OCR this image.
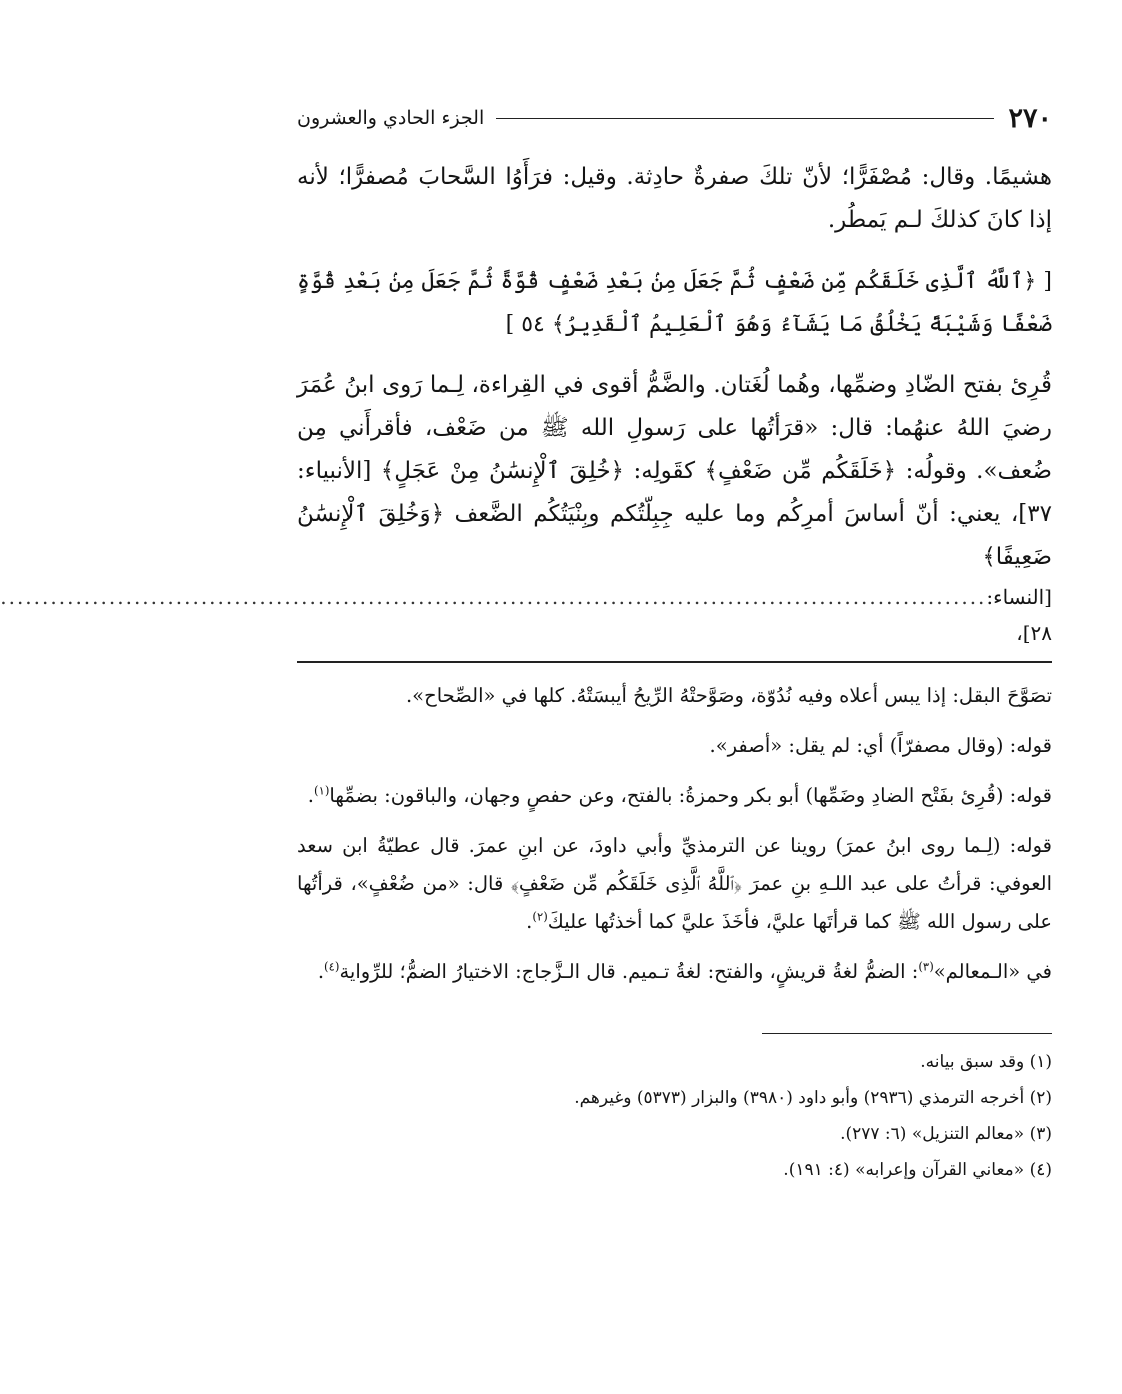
٢٧٠
الجزء الحادي والعشرون

هشيمًا. وقال: مُصْفَرًّا؛ لأنّ تلكَ صفرةٌ حادِثة. وقيل: فرَأَوُا السَّحابَ مُصفرًّا؛ لأنه إذا كانَ كذلكَ لـم يَمطُر.

[ ﴿ٱللَّهُ ٱلَّذِى خَلَقَكُم مِّن ضَعْفٍ ثُمَّ جَعَلَ مِنۢ بَعْدِ ضَعْفٍ قُوَّةً ثُمَّ جَعَلَ مِنۢ بَعْدِ قُوَّةٍ ضَعْفًا وَشَيْبَةً يَخْلُقُ مَا يَشَآءُ وَهُوَ ٱلْعَلِيمُ ٱلْقَدِيرُ﴾ ٥٤ ]

قُرِئ بفتح الضّادِ وضمِّها، وهُما لُغَتان. والضَّمُّ أقوى في القِراءة، لِـما رَوى ابنُ عُمَرَ رضيَ اللهُ عنهُما: قال: «قرَأتُها على رَسولِ الله ﷺ من ضَعْف، فأقرأَني مِن ضُعف». وقولُه: ﴿خَلَقَكُم مِّن ضَعْفٍ﴾ كقَولِه: ﴿خُلِقَ ٱلْإِنسَٰنُ مِنْ عَجَلٍ﴾ [الأنبياء: ٣٧]، يعني: أنّ أساسَ أمرِكُم وما عليه جِبِلّتُكم وبِنْيَتُكُم الضَّعف ﴿وَخُلِقَ ٱلْإِنسَٰنُ ضَعِيفًا﴾

[النساء: ٢٨]،
......................................................................................................................

تصَوَّحَ البقل: إذا يبس أعلاه وفيه نُدُوّة، وصَوَّحتْهُ الرِّيحُ أيبسَتْهُ. كلها في «الصِّحاح».

قوله: (وقال مصفرّاً) أي: لم يقل: «أصفر».

قوله: (قُرِئ بفَتْح الضادِ وضَمِّها) أبو بكر وحمزةُ: بالفتح، وعن حفصٍ وجهان، والباقون: بضمِّها$^{(١)}$.

قوله: (لِـما روى ابنُ عمرَ) روينا عن الترمذيِّ وأبي داودَ، عن ابنِ عمرَ. قال عطيّةُ ابن سعد العوفي: قرأتُ على عبد اللـهِ بنِ عمرَ ﴿ٱللَّهُ ٱلَّذِى خَلَقَكُم مِّن ضَعْفٍ﴾ قال: «من ضُعْفٍ»، قرأتُها على رسول الله ﷺ كما قرأتَها عليَّ، فأخَذَ عليَّ كما أخذتُها عليكَ$^{(٢)}$.

في «الـمعالم»$^{(٣)}$: الضمُّ لغةُ قريشٍ، والفتح: لغةُ تـميم. قال الـزَّجاج: الاختيارُ الضمُّ؛ للرِّواية$^{(٤)}$.

(١) وقد سبق بيانه.

(٢) أخرجه الترمذي (٢٩٣٦) وأبو داود (٣٩٨٠) والبزار (٥٣٧٣) وغيرهم.

(٣) «معالم التنزيل» (٦: ٢٧٧).

(٤) «معاني القرآن وإعرابه» (٤: ١٩١).
